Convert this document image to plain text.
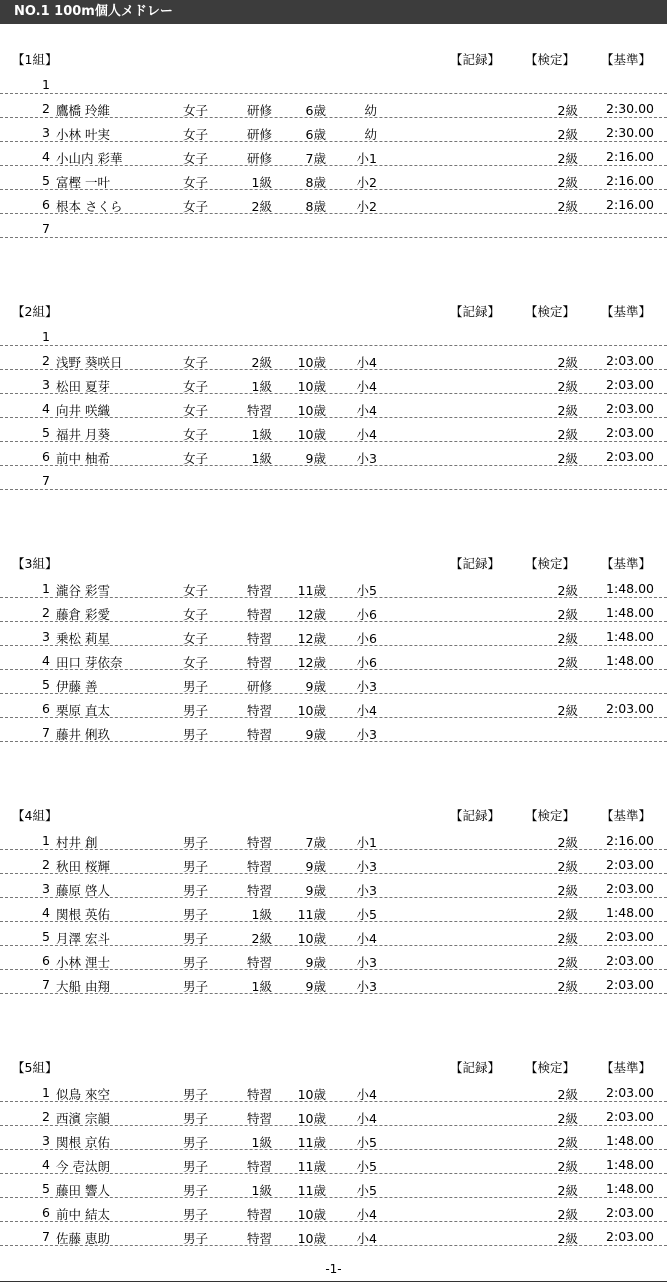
NO.1 100m個人メドレー
【1組】	【記録】 【検定】 【基準】
1
2 鷹橋 玲維	女子	研修	6歳	幼	2級	2:30.00
3 小林 叶実	女子	研修	6歳	幼	2級	2:30.00
4 小山内 彩華	女子	研修	7歳	小1	2級	2:16.00
5 富樫 一叶	女子	1級	8歳	小2	2級	2:16.00
6 根本 さくら	女子	2級	8歳	小2	2級	2:16.00
7
【2組】	【記録】 【検定】 【基準】
1
2 浅野 葵咲日	女子	2級	10歳	小4	2級	2:03.00
3 松田 夏芽	女子	1級	10歳	小4	2級	2:03.00
4 向井 咲織	女子	特習	10歳	小4	2級	2:03.00
5 福井 月葵	女子	1級	10歳	小4	2級	2:03.00
6 前中 柚希	女子	1級	9歳	小3	2級	2:03.00
7
【3組】	【記録】 【検定】 【基準】
1 瀧谷 彩雪	女子	特習	11歳	小5	2級	1:48.00
2 藤倉 彩愛	女子	特習	12歳	小6	2級	1:48.00
3 乗松 莉星	女子	特習	12歳	小6	2級	1:48.00
4 田口 芽依奈	女子	特習	12歳	小6	2級	1:48.00
5 伊藤 善	男子	研修	9歳	小3
6 栗原 直太	男子	特習	10歳	小4	2級	2:03.00
7 藤井 俐玖	男子	特習	9歳	小3
【4組】	【記録】 【検定】 【基準】
1 村井 創	男子	特習	7歳	小1	2級	2:16.00
2 秋田 桜輝	男子	特習	9歳	小3	2級	2:03.00
3 藤原 啓人	男子	特習	9歳	小3	2級	2:03.00
4 関根 英佑	男子	1級	11歳	小5	2級	1:48.00
5 月澤 宏斗	男子	2級	10歳	小4	2級	2:03.00
6 小林 浬士	男子	特習	9歳	小3	2級	2:03.00
7 大船 由翔	男子	1級	9歳	小3	2級	2:03.00
【5組】	【記録】 【検定】 【基準】
1 似鳥 來空	男子	特習	10歳	小4	2級	2:03.00
2 西濱 宗韻	男子	特習	10歳	小4	2級	2:03.00
3 関根 京佑	男子	1級	11歳	小5	2級	1:48.00
4 今 壱汰朗	男子	特習	11歳	小5	2級	1:48.00
5 藤田 響人	男子	1級	11歳	小5	2級	1:48.00
6 前中 結太	男子	特習	10歳	小4	2級	2:03.00
7 佐藤 恵助	男子	特習	10歳	小4	2級	2:03.00
-1-
